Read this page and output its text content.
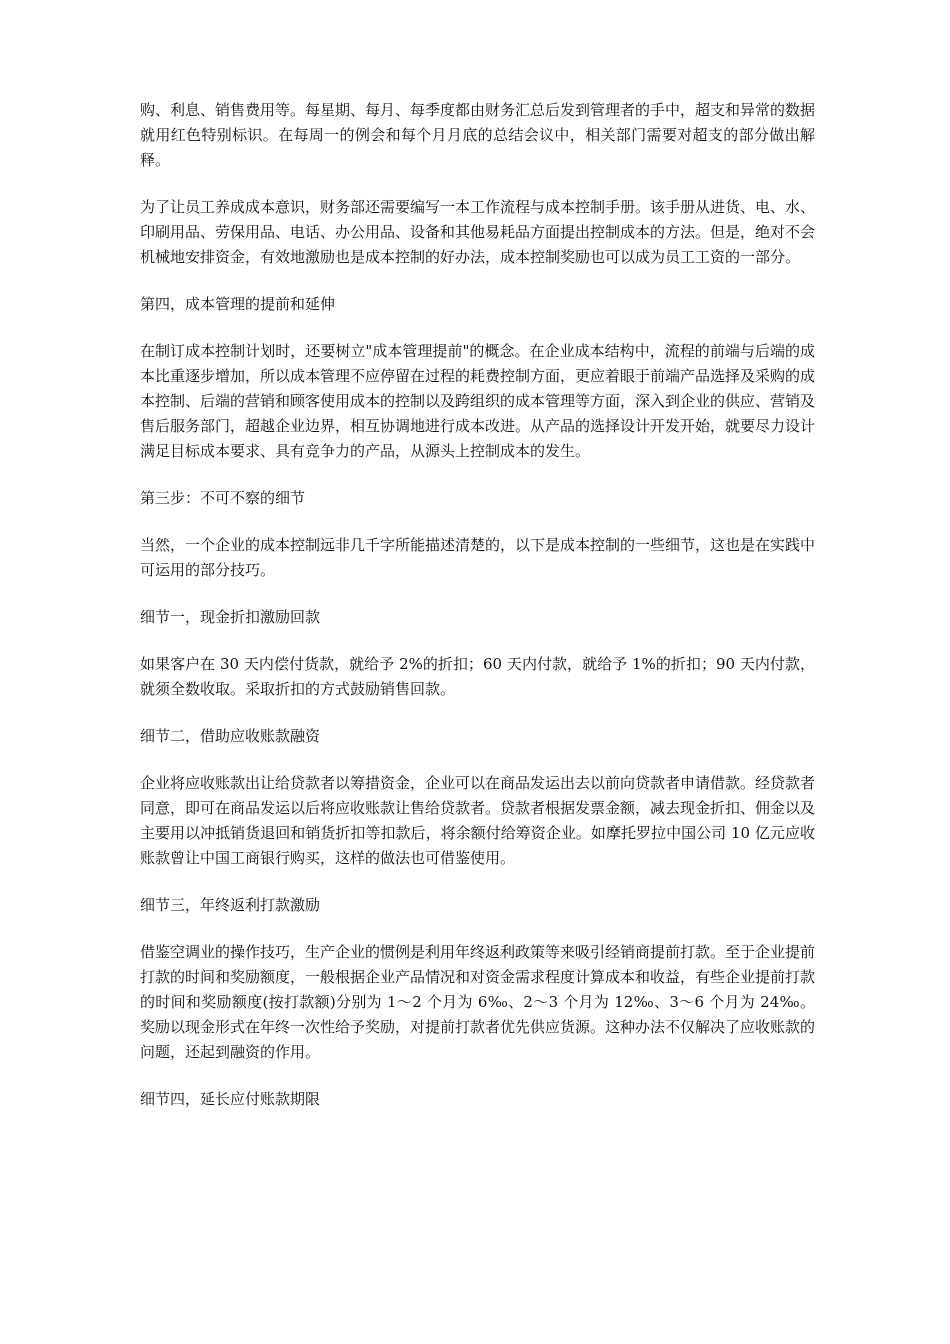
购、利息、销售费用等。每星期、每月、每季度都由财务汇总后发到管理者的手中，超支和异常的数据就用红色特别标识。在每周一的例会和每个月月底的总结会议中，相关部门需要对超支的部分做出解释。

为了让员工养成成本意识，财务部还需要编写一本工作流程与成本控制手册。该手册从进货、电、水、印刷用品、劳保用品、电话、办公用品、设备和其他易耗品方面提出控制成本的方法。但是，绝对不会机械地安排资金，有效地激励也是成本控制的好办法，成本控制奖励也可以成为员工工资的一部分。

第四，成本管理的提前和延伸

在制订成本控制计划时，还要树立"成本管理提前"的概念。在企业成本结构中，流程的前端与后端的成本比重逐步增加，所以成本管理不应停留在过程的耗费控制方面，更应着眼于前端产品选择及采购的成本控制、后端的营销和顾客使用成本的控制以及跨组织的成本管理等方面，深入到企业的供应、营销及售后服务部门，超越企业边界，相互协调地进行成本改进。从产品的选择设计开发开始，就要尽力设计满足目标成本要求、具有竞争力的产品，从源头上控制成本的发生。

第三步：不可不察的细节

当然，一个企业的成本控制远非几千字所能描述清楚的，以下是成本控制的一些细节，这也是在实践中可运用的部分技巧。

细节一，现金折扣激励回款

如果客户在 30 天内偿付货款，就给予 2%的折扣；60 天内付款，就给予 1%的折扣；90 天内付款，就须全数收取。采取折扣的方式鼓励销售回款。

细节二，借助应收账款融资

企业将应收账款出让给贷款者以筹措资金，企业可以在商品发运出去以前向贷款者申请借款。经贷款者同意，即可在商品发运以后将应收账款让售给贷款者。贷款者根据发票金额，减去现金折扣、佣金以及主要用以冲抵销货退回和销货折扣等扣款后，将余额付给筹资企业。如摩托罗拉中国公司 10 亿元应收账款曾让中国工商银行购买，这样的做法也可借鉴使用。

细节三，年终返利打款激励

借鉴空调业的操作技巧，生产企业的惯例是利用年终返利政策等来吸引经销商提前打款。至于企业提前打款的时间和奖励额度，一般根据企业产品情况和对资金需求程度计算成本和收益，有些企业提前打款的时间和奖励额度(按打款额)分别为 1～2 个月为 6‰、2～3 个月为 12‰、3～6 个月为 24‰。奖励以现金形式在年终一次性给予奖励，对提前打款者优先供应货源。这种办法不仅解决了应收账款的问题，还起到融资的作用。

细节四，延长应付账款期限
